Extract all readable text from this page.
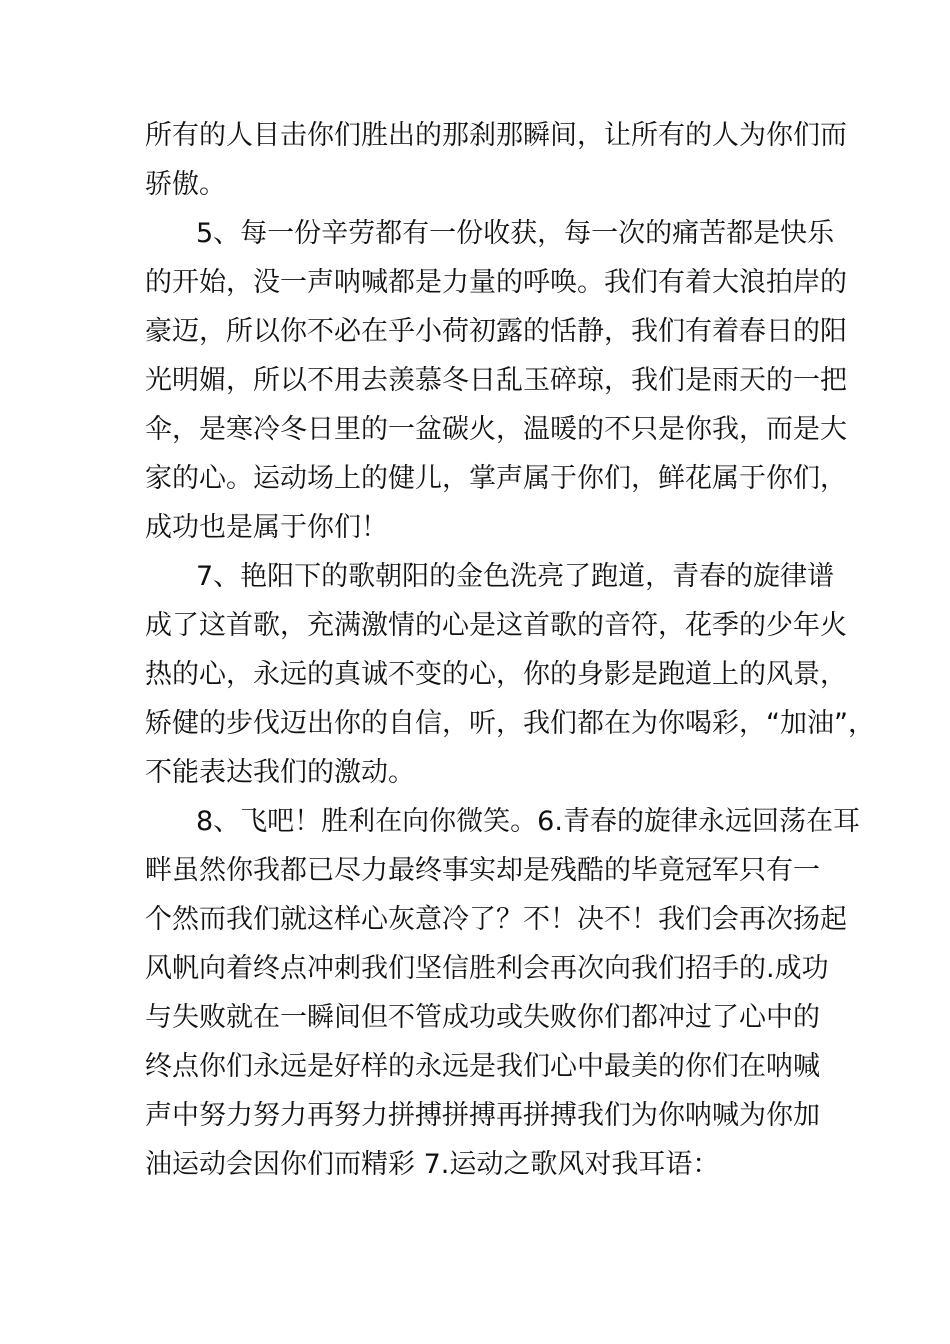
所有的人目击你们胜出的那刹那瞬间，让所有的人为你们而
骄傲。
5、每一份辛劳都有一份收获，每一次的痛苦都是快乐
的开始，没一声呐喊都是力量的呼唤。我们有着大浪拍岸的
豪迈，所以你不必在乎小荷初露的恬静，我们有着春日的阳
光明媚，所以不用去羡慕冬日乱玉碎琼，我们是雨天的一把
伞，是寒冷冬日里的一盆碳火，温暖的不只是你我，而是大
家的心。运动场上的健儿，掌声属于你们，鲜花属于你们，
成功也是属于你们！
7、艳阳下的歌朝阳的金色洗亮了跑道，青春的旋律谱
成了这首歌，充满激情的心是这首歌的音符，花季的少年火
热的心，永远的真诚不变的心，你的身影是跑道上的风景，
矫健的步伐迈出你的自信，听，我们都在为你喝彩，“加油”，
不能表达我们的激动。
8、飞吧！胜利在向你微笑。6.青春的旋律永远回荡在耳
畔虽然你我都已尽力最终事实却是残酷的毕竟冠军只有一
个然而我们就这样心灰意冷了？不！决不！我们会再次扬起
风帆向着终点冲刺我们坚信胜利会再次向我们招手的.成功
与失败就在一瞬间但不管成功或失败你们都冲过了心中的
终点你们永远是好样的永远是我们心中最美的你们在呐喊
声中努力努力再努力拼搏拼搏再拼搏我们为你呐喊为你加
油运动会因你们而精彩 7.运动之歌风对我耳语：
